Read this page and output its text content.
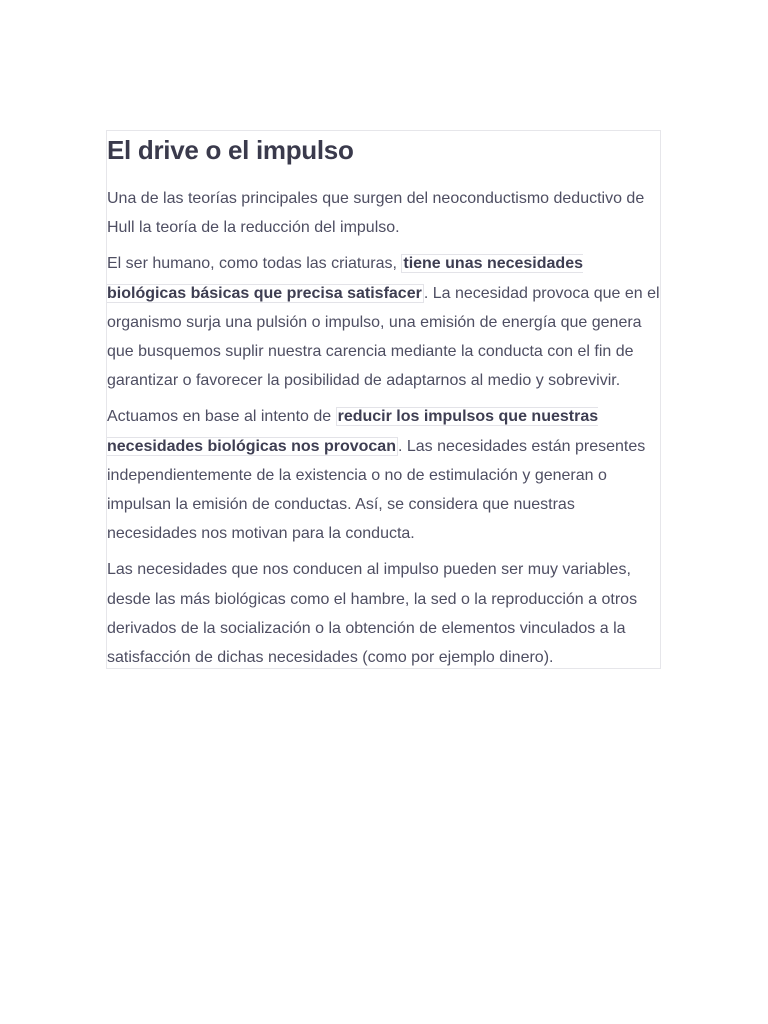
El drive o el impulso

Una de las teorías principales que surgen del neoconductismo deductivo de Hull la teoría de la reducción del impulso.

El ser humano, como todas las criaturas, tiene unas necesidades biológicas básicas que precisa satisfacer . La necesidad provoca que en el organismo surja una pulsión o impulso, una emisión de energía que genera que busquemos suplir nuestra carencia mediante la conducta con el fin de garantizar o favorecer la posibilidad de adaptarnos al medio y sobrevivir.

Actuamos en base al intento de reducir los impulsos que nuestras necesidades biológicas nos provocan . Las necesidades están presentes independientemente de la existencia o no de estimulación y generan o impulsan la emisión de conductas. Así, se considera que nuestras necesidades nos motivan para la conducta.

Las necesidades que nos conducen al impulso pueden ser muy variables, desde las más biológicas como el hambre, la sed o la reproducción a otros derivados de la socialización o la obtención de elementos vinculados a la satisfacción de dichas necesidades (como por ejemplo dinero).
